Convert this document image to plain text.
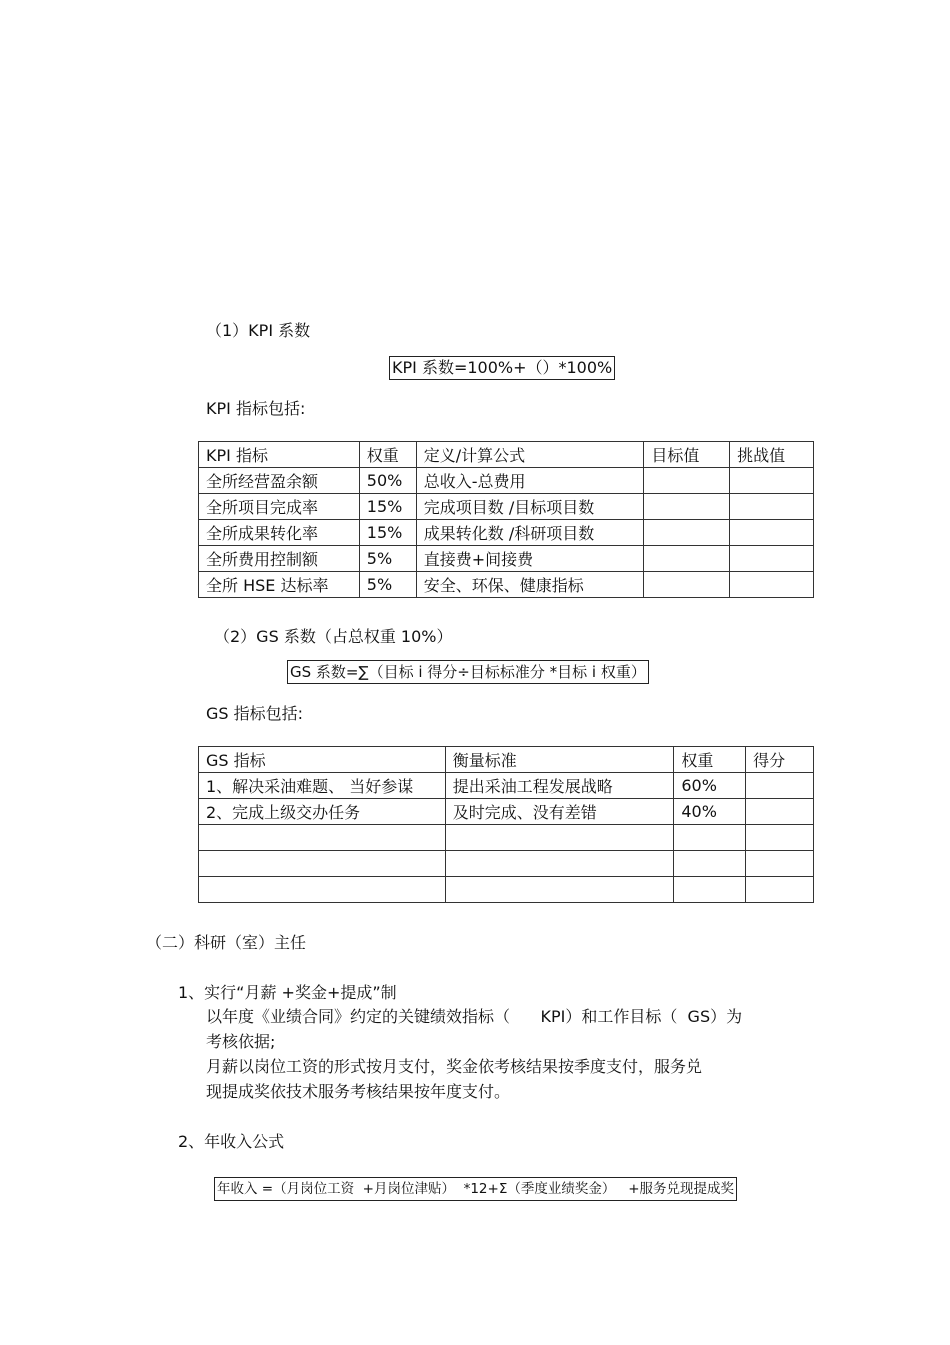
（1）KPI 系数
KPI 系数=100%+（）*100%
KPI 指标包括:
KPI 指标	权重	定义/计算公式	目标值	挑战值
全所经营盈余额	50%	总收入-总费用		
全所项目完成率	15%	完成项目数 /目标项目数		
全所成果转化率	15%	成果转化数 /科研项目数		
全所费用控制额	5%	直接费+间接费		
全所 HSE 达标率	5%	安全、环保、健康指标		
（2）GS 系数（占总权重 10%）
GS 系数=∑（目标 i 得分÷目标标准分 *目标 i 权重）
GS 指标包括:
GS 指标	衡量标准	权重	得分
1、解决采油难题、 当好参谋	提出采油工程发展战略	60%	
2、完成上级交办任务	及时完成、没有差错	40%	

（二）科研（室）主任
1、实行“月薪 +奖金+提成”制
以年度《业绩合同》约定的关键绩效指标（      KPI）和工作目标（  GS）为
考核依据;
月薪以岗位工资的形式按月支付，奖金依考核结果按季度支付，服务兑
现提成奖依技术服务考核结果按年度支付。
2、年收入公式
年收入 =（月岗位工资  +月岗位津贴）  *12+Σ（季度业绩奖金）   +服务兑现提成奖
